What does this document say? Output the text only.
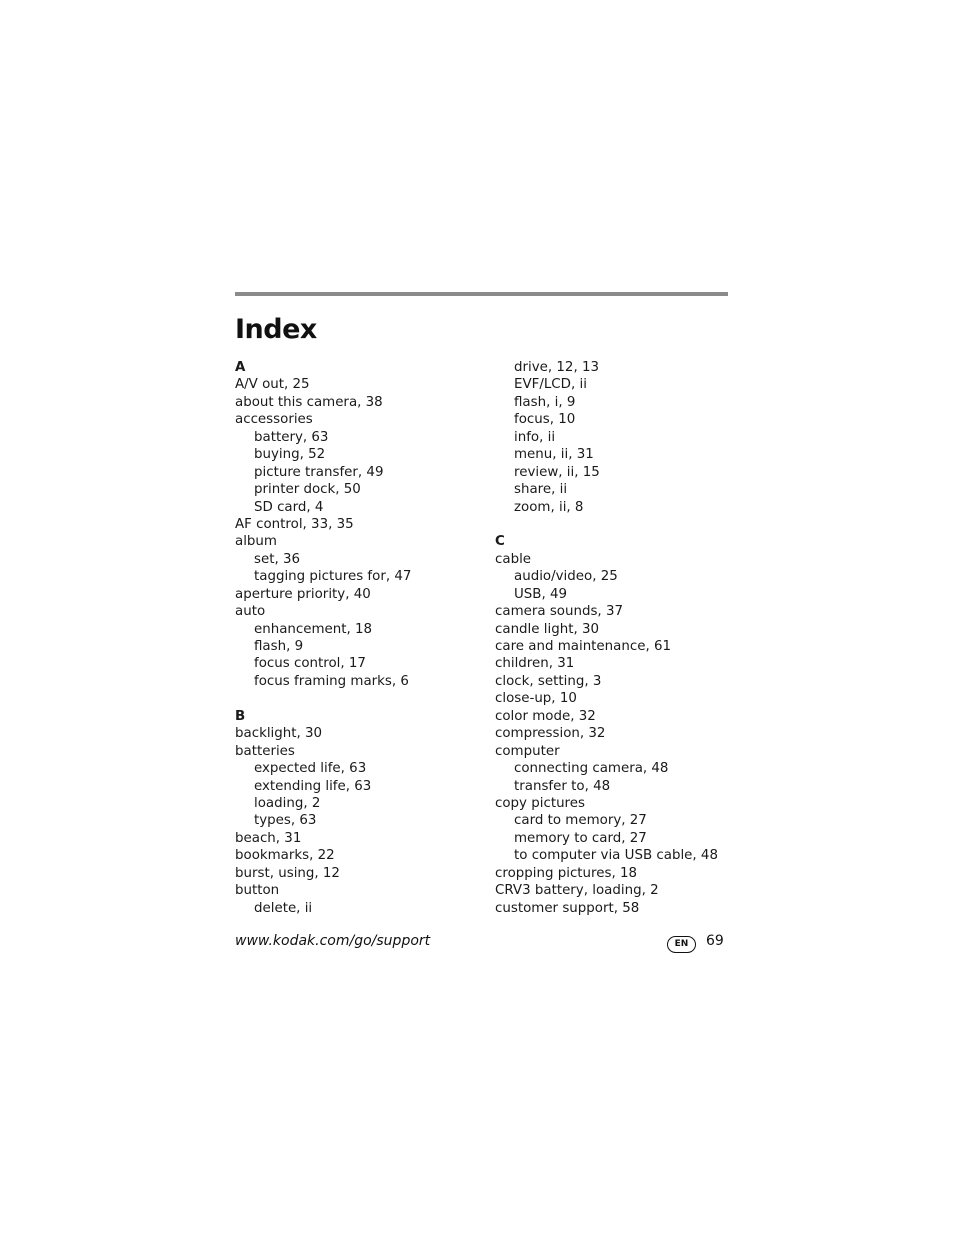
Index
A
A/V out, 25
about this camera, 38
accessories
battery, 63
buying, 52
picture transfer, 49
printer dock, 50
SD card, 4
AF control, 33, 35
album
set, 36
tagging pictures for, 47
aperture priority, 40
auto
enhancement, 18
flash, 9
focus control, 17
focus framing marks, 6
B
backlight, 30
batteries
expected life, 63
extending life, 63
loading, 2
types, 63
beach, 31
bookmarks, 22
burst, using, 12
button
delete, ii
drive, 12, 13
EVF/LCD, ii
flash, i, 9
focus, 10
info, ii
menu, ii, 31
review, ii, 15
share, ii
zoom, ii, 8
C
cable
audio/video, 25
USB, 49
camera sounds, 37
candle light, 30
care and maintenance, 61
children, 31
clock, setting, 3
close-up, 10
color mode, 32
compression, 32
computer
connecting camera, 48
transfer to, 48
copy pictures
card to memory, 27
memory to card, 27
to computer via USB cable, 48
cropping pictures, 18
CRV3 battery, loading, 2
customer support, 58
www.kodak.com/go/support	EN	69
